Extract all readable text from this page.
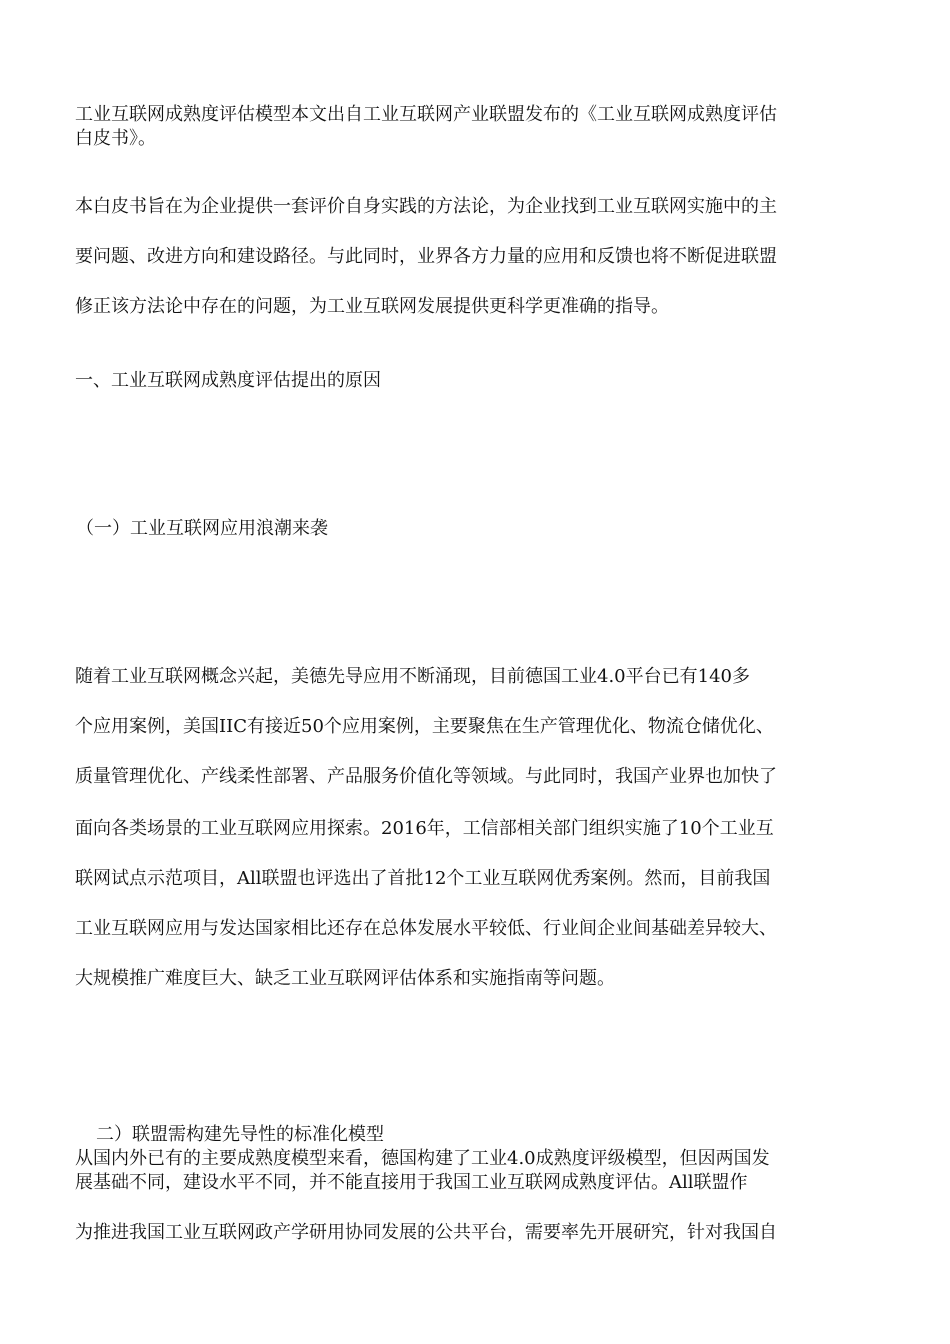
工业互联网成熟度评估模型本文出自工业互联网产业联盟发布的《工业互联网成熟度评估

白皮书》。

本白皮书旨在为企业提供一套评价自身实践的方法论，为企业找到工业互联网实施中的主

要问题、改进方向和建设路径。与此同时，业界各方力量的应用和反馈也将不断促进联盟

修正该方法论中存在的问题，为工业互联网发展提供更科学更准确的指导。

一、工业互联网成熟度评估提出的原因

（一）工业互联网应用浪潮来袭

随着工业互联网概念兴起，美德先导应用不断涌现，目前德国工业4.0平台已有140多

个应用案例，美国IIC有接近50个应用案例，主要聚焦在生产管理优化、物流仓储优化、

质量管理优化、产线柔性部署、产品服务价值化等领域。与此同时，我国产业界也加快了

面向各类场景的工业互联网应用探索。2016年，工信部相关部门组织实施了10个工业互

联网试点示范项目，All联盟也评选出了首批12个工业互联网优秀案例。然而，目前我国

工业互联网应用与发达国家相比还存在总体发展水平较低、行业间企业间基础差异较大、

大规模推广难度巨大、缺乏工业互联网评估体系和实施指南等问题。

二）联盟需构建先导性的标准化模型

从国内外已有的主要成熟度模型来看，德国构建了工业4.0成熟度评级模型，但因两国发

展基础不同，建设水平不同，并不能直接用于我国工业互联网成熟度评估。All联盟作

为推进我国工业互联网政产学研用协同发展的公共平台，需要率先开展研究，针对我国自
